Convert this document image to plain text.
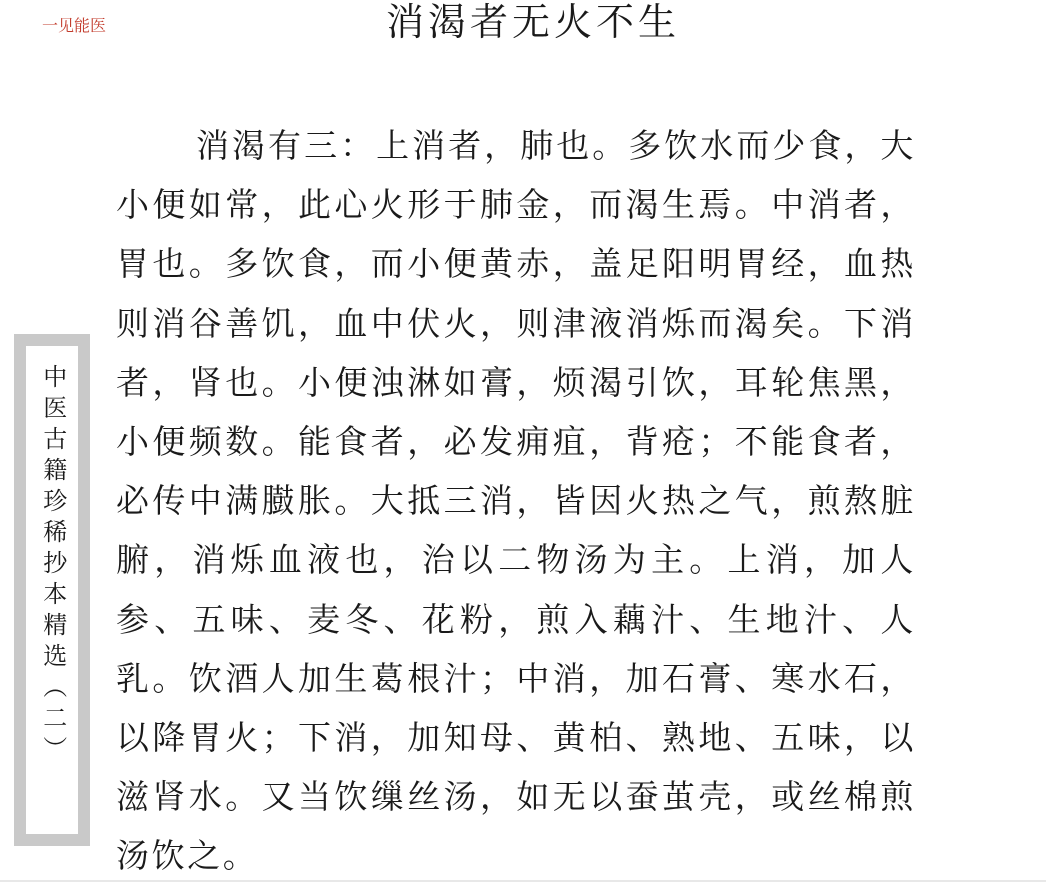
一见能医	消渴者无火不生
中医古籍珍稀抄本精选（二）

消渴有三：上消者，肺也。多饮水而少食，大小便如常，此心火形于肺金，而渴生焉。中消者，胃也。多饮食，而小便黄赤，盖足阳明胃经，血热则消谷善饥，血中伏火，则津液消烁而渴矣。下消者，肾也。小便浊淋如膏，烦渴引饮，耳轮焦黑，小便频数。能食者，必发痈疽，背疮；不能食者，必传中满臌胀。大抵三消，皆因火热之气，煎熬脏腑，消烁血液也，治以二物汤为主。上消，加人参、五味、麦冬、花粉，煎入藕汁、生地汁、人乳。饮酒人加生葛根汁；中消，加石膏、寒水石，以降胃火；下消，加知母、黄柏、熟地、五味，以滋肾水。又当饮缫丝汤，如无以蚕茧壳，或丝棉煎汤饮之。
